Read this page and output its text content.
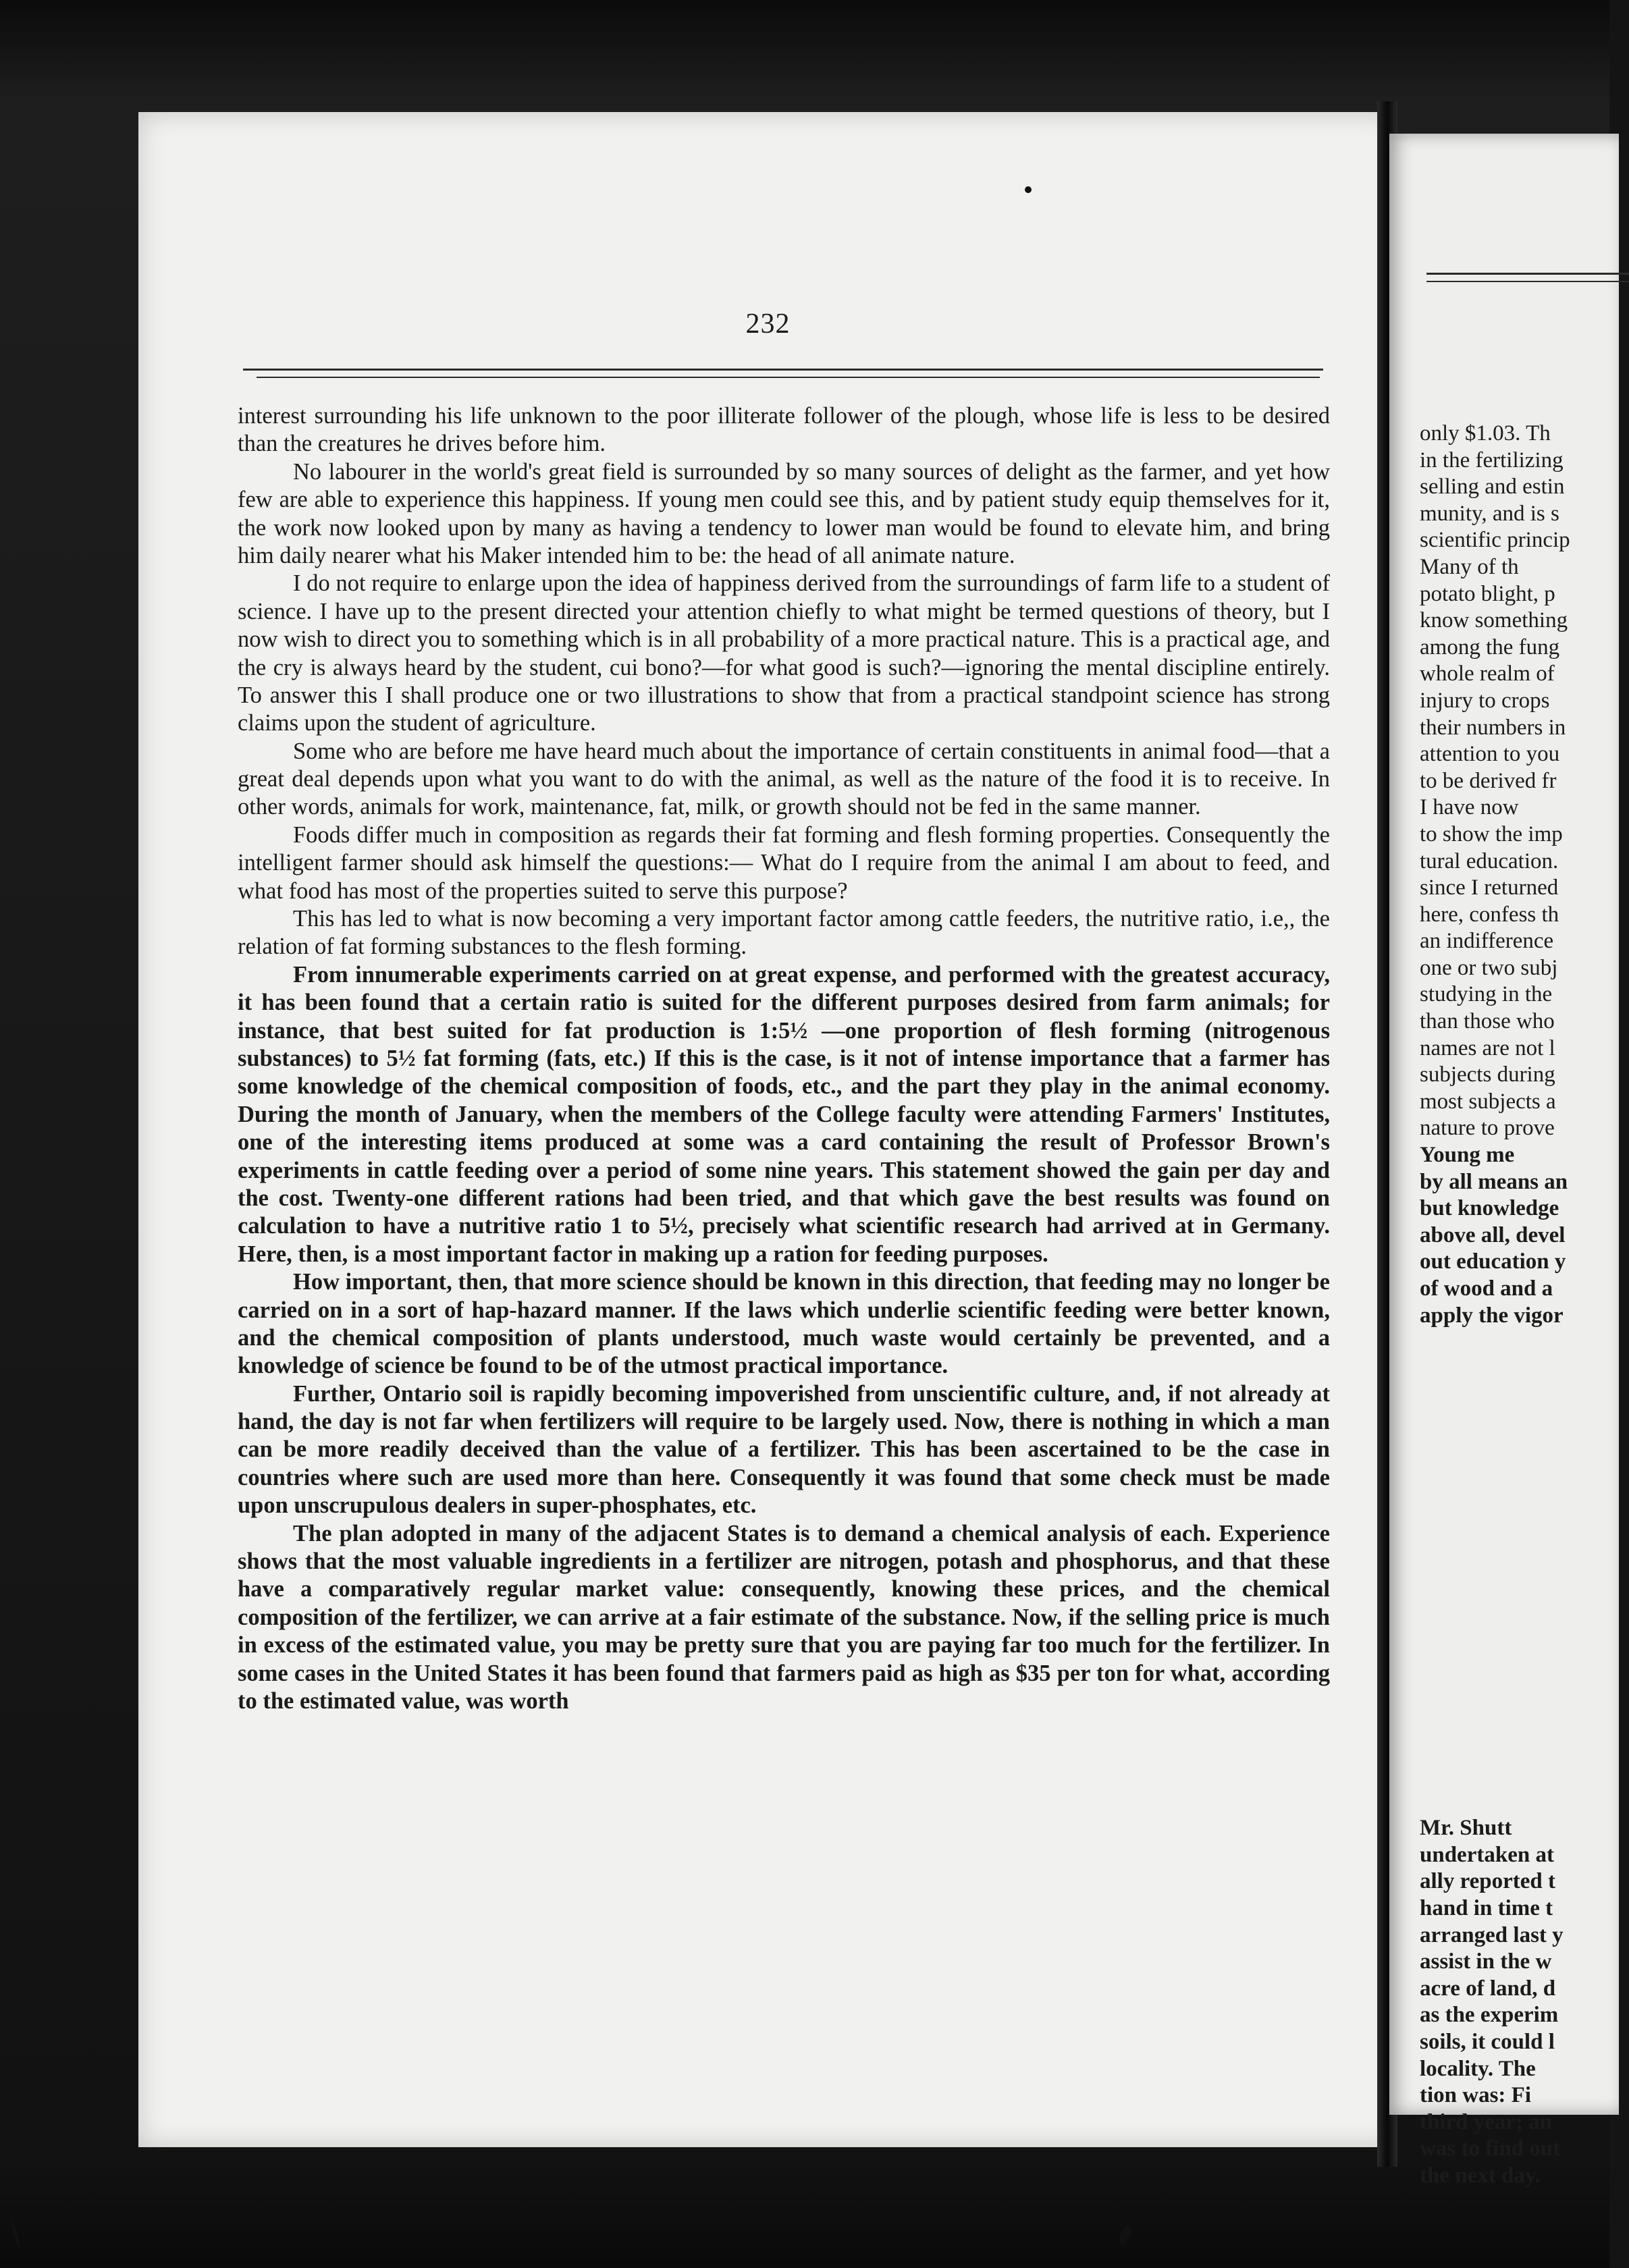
232

interest surrounding his life unknown to the poor illiterate follower of the plough, whose life is less to be desired than the creatures he drives before him.

No labourer in the world's great field is surrounded by so many sources of delight as the farmer, and yet how few are able to experience this happiness. If young men could see this, and by patient study equip themselves for it, the work now looked upon by many as having a tendency to lower man would be found to elevate him, and bring him daily nearer what his Maker intended him to be: the head of all animate nature.

I do not require to enlarge upon the idea of happiness derived from the surroundings of farm life to a student of science. I have up to the present directed your attention chiefly to what might be termed questions of theory, but I now wish to direct you to something which is in all probability of a more practical nature. This is a practical age, and the cry is always heard by the student, cui bono?—for what good is such?—ignoring the mental discipline entirely. To answer this I shall produce one or two illustrations to show that from a practical standpoint science has strong claims upon the student of agriculture.

Some who are before me have heard much about the importance of certain constituents in animal food—that a great deal depends upon what you want to do with the animal, as well as the nature of the food it is to receive. In other words, animals for work, maintenance, fat, milk, or growth should not be fed in the same manner.

Foods differ much in composition as regards their fat forming and flesh forming properties. Consequently the intelligent farmer should ask himself the questions:— What do I require from the animal I am about to feed, and what food has most of the properties suited to serve this purpose?

This has led to what is now becoming a very important factor among cattle feeders, the nutritive ratio, i.e,, the relation of fat forming substances to the flesh forming.

From innumerable experiments carried on at great expense, and performed with the greatest accuracy, it has been found that a certain ratio is suited for the different purposes desired from farm animals; for instance, that best suited for fat production is 1:5½ —one proportion of flesh forming (nitrogenous substances) to 5½ fat forming (fats, etc.) If this is the case, is it not of intense importance that a farmer has some knowledge of the chemical composition of foods, etc., and the part they play in the animal economy. During the month of January, when the members of the College faculty were attending Farmers' Institutes, one of the interesting items produced at some was a card containing the result of Professor Brown's experiments in cattle feeding over a period of some nine years. This statement showed the gain per day and the cost. Twenty-one different rations had been tried, and that which gave the best results was found on calculation to have a nutritive ratio 1 to 5½, precisely what scientific research had arrived at in Germany. Here, then, is a most important factor in making up a ration for feeding purposes.

How important, then, that more science should be known in this direction, that feeding may no longer be carried on in a sort of hap-hazard manner. If the laws which underlie scientific feeding were better known, and the chemical composition of plants understood, much waste would certainly be prevented, and a knowledge of science be found to be of the utmost practical importance.

Further, Ontario soil is rapidly becoming impoverished from unscientific culture, and, if not already at hand, the day is not far when fertilizers will require to be largely used. Now, there is nothing in which a man can be more readily deceived than the value of a fertilizer. This has been ascertained to be the case in countries where such are used more than here. Consequently it was found that some check must be made upon unscrupulous dealers in super-phosphates, etc.

The plan adopted in many of the adjacent States is to demand a chemical analysis of each. Experience shows that the most valuable ingredients in a fertilizer are nitrogen, potash and phosphorus, and that these have a comparatively regular market value: consequently, knowing these prices, and the chemical composition of the fertilizer, we can arrive at a fair estimate of the substance. Now, if the selling price is much in excess of the estimated value, you may be pretty sure that you are paying far too much for the fertilizer. In some cases in the United States it has been found that farmers paid as high as $35 per ton for what, according to the estimated value, was worth

only $1.03. Th
in the fertilizing
selling and estin
munity, and is s
scientific princip
Many of th
potato blight, p
know something
among the fung
whole realm of
injury to crops
their numbers in
attention to you
to be derived fr
I have now
to show the imp
tural education.
since I returned
here, confess th
an indifference
one or two subj
studying in the
than those who
names are not l
subjects during
most subjects a
nature to prove
Young me
by all means an
but knowledge
above all, devel
out education y
of wood and a
apply the vigor
Mr. Shutt
undertaken at
ally reported t
hand in time t
arranged last y
assist in the w
acre of land, d
as the experim
soils, it could l
locality. The
tion was: Fi
third year; an
was to find out
the next day.
